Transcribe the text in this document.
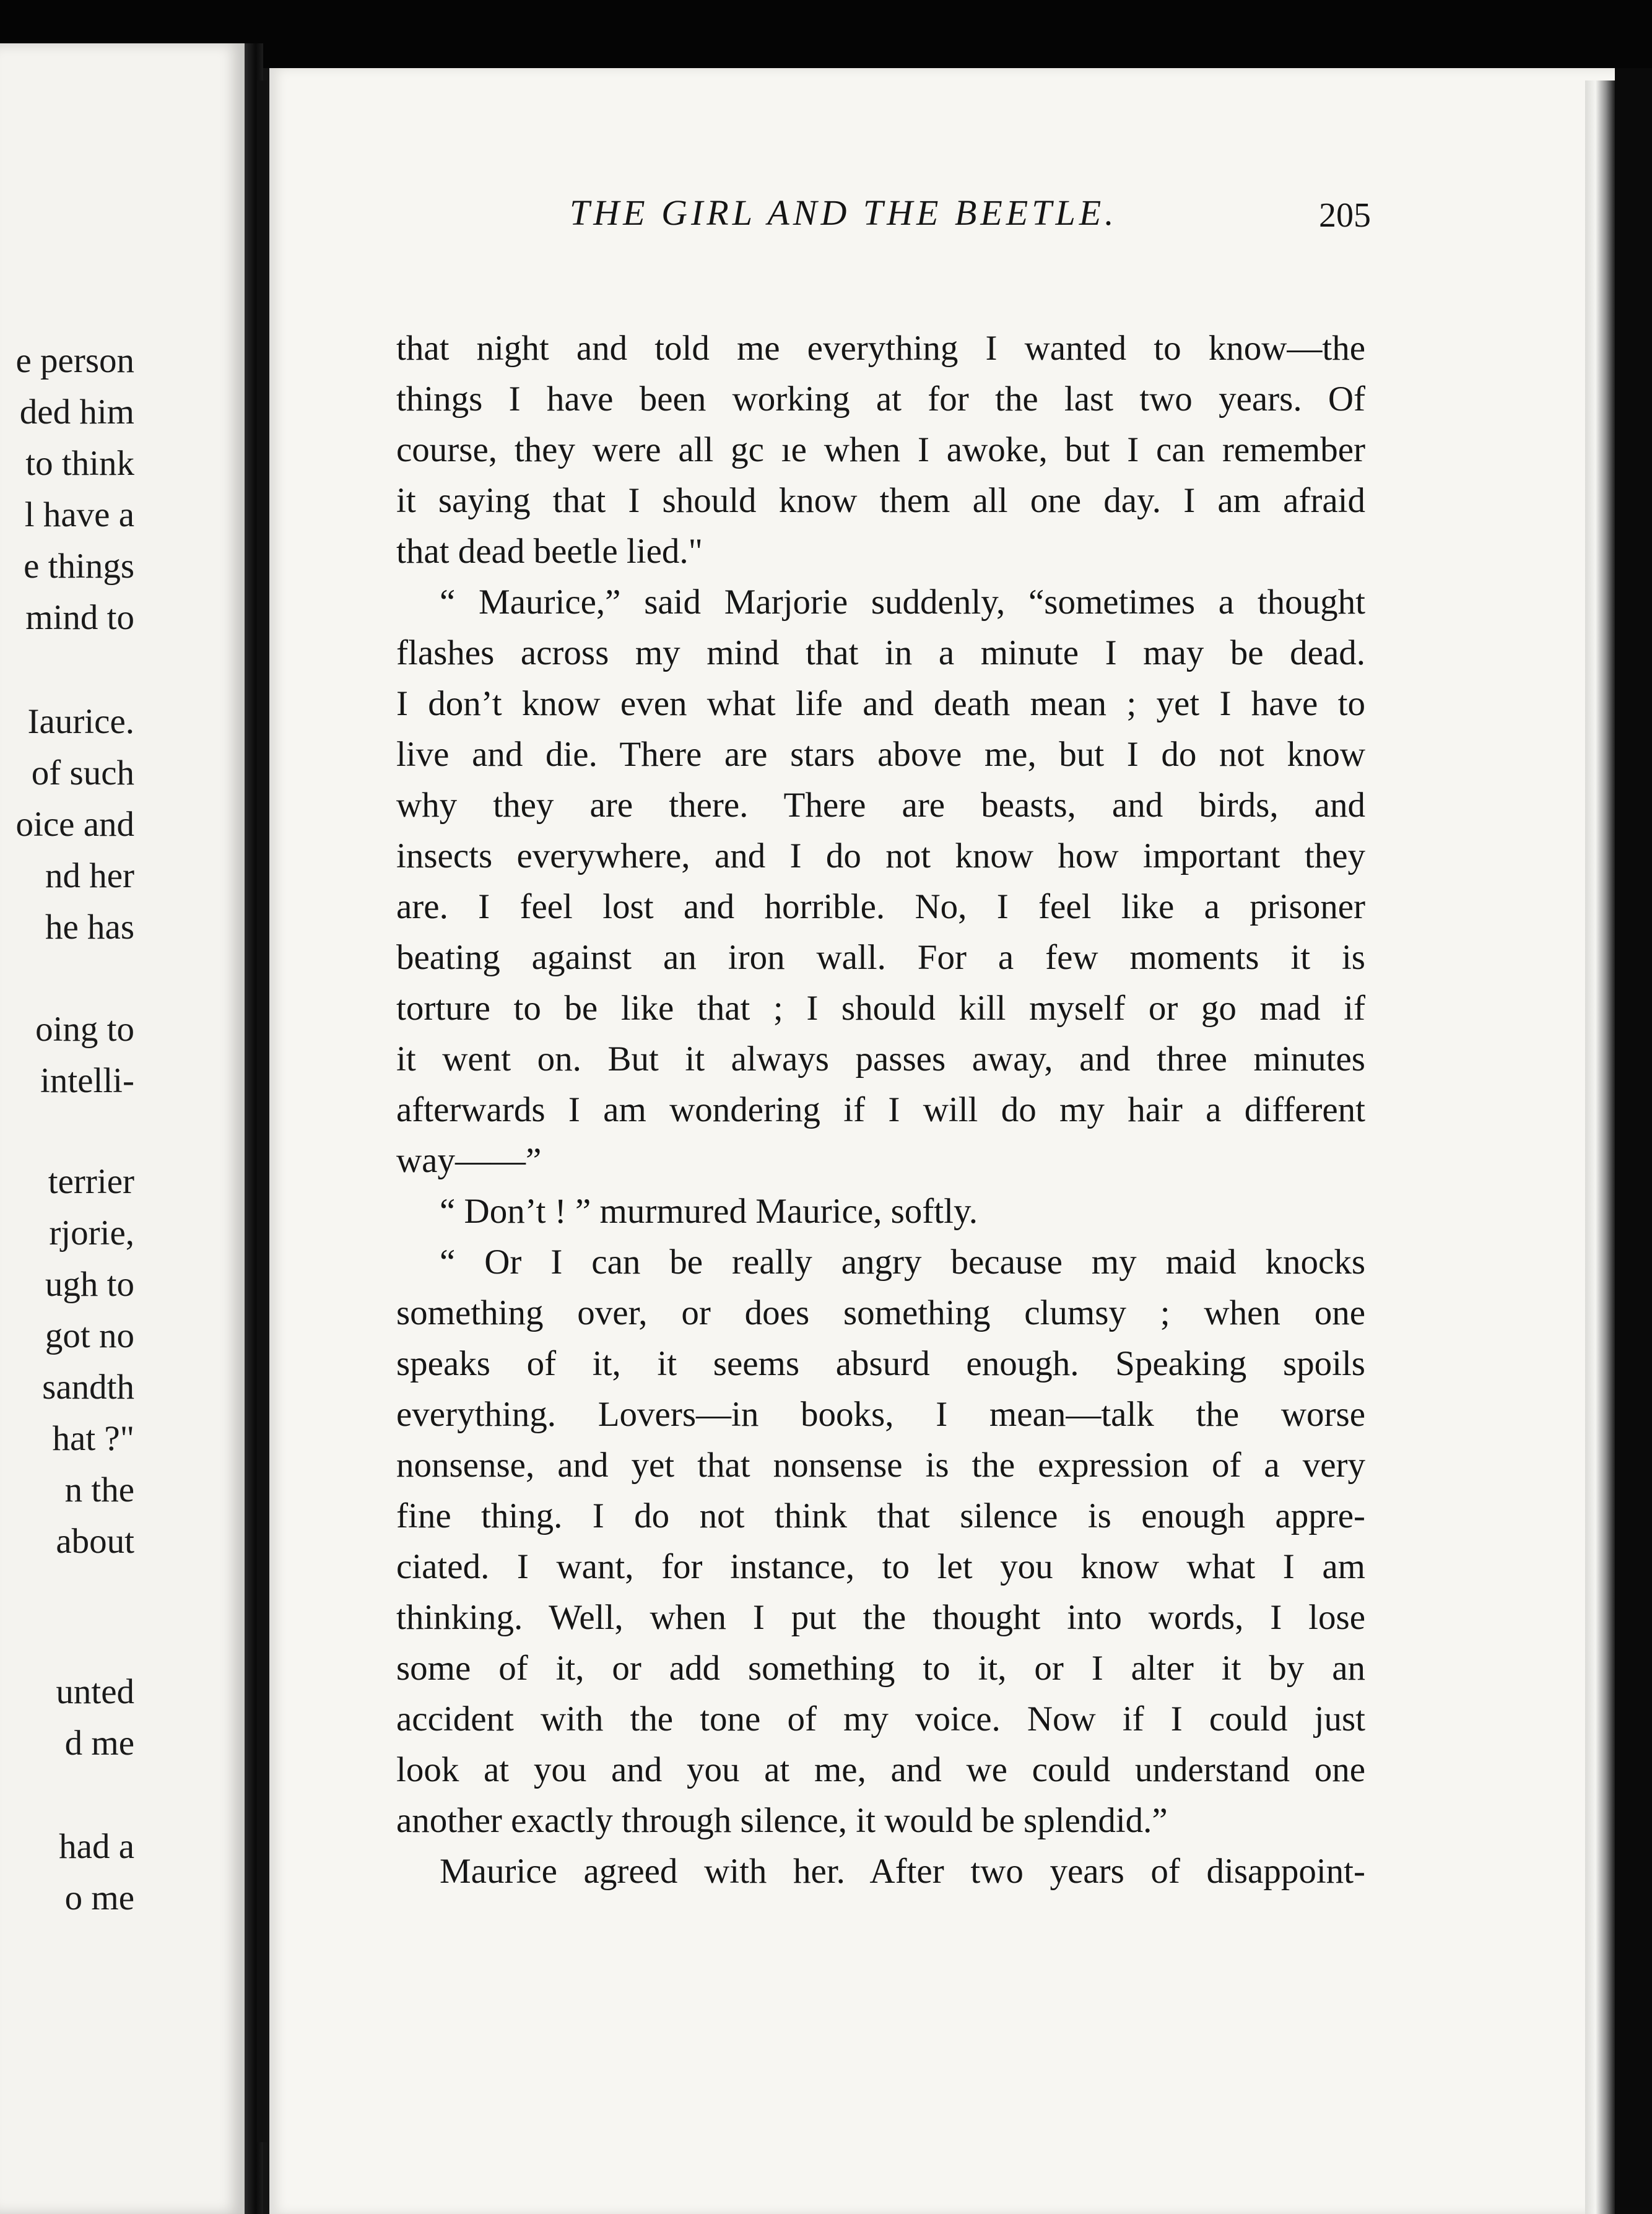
e person
ded him
to think
l have a
e things
mind to
Iaurice.
of such
oice and
nd her
he has
oing to
intelli-
terrier
rjorie,
ugh to
got no
sandth
hat ?"
n the
about
unted
d me
had a
o me
THE GIRL AND THE BEETLE.	205
that night and told me everything I wanted to know—the
things I have been working at for the last two years. Of
course, they were all gc ıe when I awoke, but I can remember
it saying that I should know them all one day. I am afraid
that dead beetle lied."
“ Maurice,” said Marjorie suddenly, “sometimes a thought
flashes across my mind that in a minute I may be dead.
I don’t know even what life and death mean ; yet I have to
live and die. There are stars above me, but I do not know
why they are there. There are beasts, and birds, and
insects everywhere, and I do not know how important they
are. I feel lost and horrible. No, I feel like a prisoner
beating against an iron wall. For a few moments it is
torture to be like that ; I should kill myself or go mad if
it went on. But it always passes away, and three minutes
afterwards I am wondering if I will do my hair a different
way——”
“ Don’t ! ” murmured Maurice, softly.
“ Or I can be really angry because my maid knocks
something over, or does something clumsy ; when one
speaks of it, it seems absurd enough. Speaking spoils
everything. Lovers—in books, I mean—talk the worse
nonsense, and yet that nonsense is the expression of a very
fine thing. I do not think that silence is enough appre-
ciated. I want, for instance, to let you know what I am
thinking. Well, when I put the thought into words, I lose
some of it, or add something to it, or I alter it by an
accident with the tone of my voice. Now if I could just
look at you and you at me, and we could understand one
another exactly through silence, it would be splendid.”
Maurice agreed with her. After two years of disappoint-
